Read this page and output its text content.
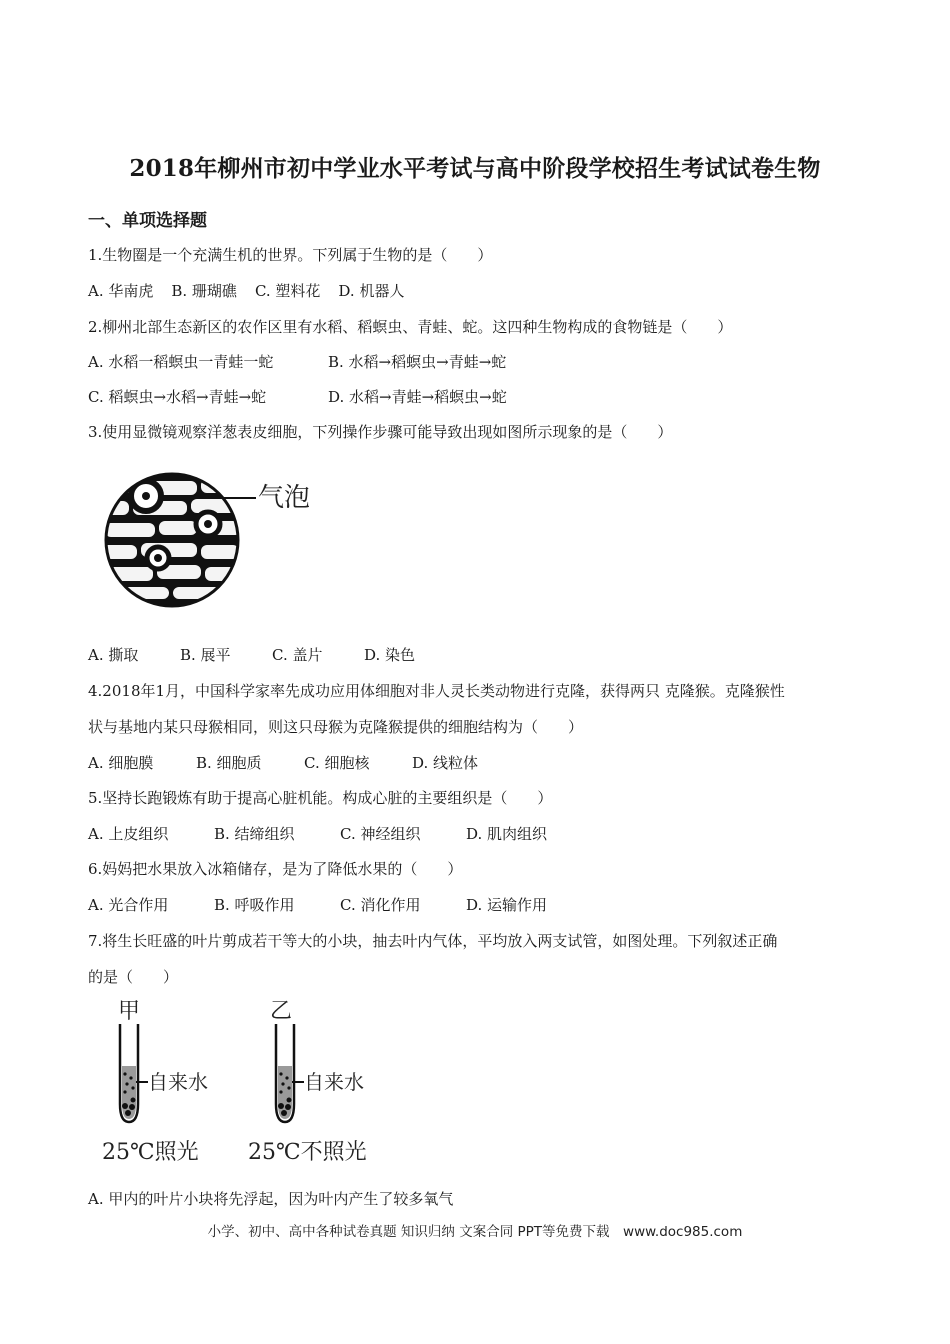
2018年柳州市初中学业水平考试与高中阶段学校招生考试试卷生物
一、单项选择题
1.生物圈是一个充满生机的世界。下列属于生物的是（　　）
A. 华南虎 B. 珊瑚礁 C. 塑料花 D. 机器人
2.柳州北部生态新区的农作区里有水稻、稻螟虫、青蛙、蛇。这四种生物构成的食物链是（　　）
A. 水稻一稻螟虫一青蛙一蛇	B. 水稻→稻螟虫→青蛙→蛇
C. 稻螟虫→水稻→青蛙→蛇	D. 水稻→青蛙→稻螟虫→蛇
3.使用显微镜观察洋葱表皮细胞，下列操作步骤可能导致出现如图所示现象的是（　　）
气泡
A. 撕取	B. 展平	C. 盖片	D. 染色
4.2018年1月，中国科学家率先成功应用体细胞对非人灵长类动物进行克隆，获得两只 克隆猴。克隆猴性
状与基地内某只母猴相同，则这只母猴为克隆猴提供的细胞结构为（　　）
A. 细胞膜	B. 细胞质	C. 细胞核	D. 线粒体
5.坚持长跑锻炼有助于提高心脏机能。构成心脏的主要组织是（　　）
A. 上皮组织	B. 结缔组织	C. 神经组织	D. 肌肉组织
6.妈妈把水果放入冰箱储存，是为了降低水果的（　　）
A. 光合作用	B. 呼吸作用	C. 消化作用	D. 运输作用
7.将生长旺盛的叶片剪成若干等大的小块，抽去叶内气体，平均放入两支试管，如图处理。下列叙述正确
的是（　　）
甲	乙
自来水	自来水
25℃照光 25℃不照光
A. 甲内的叶片小块将先浮起，因为叶内产生了较多氧气
小学、初中、高中各种试卷真题 知识归纳 文案合同 PPT等免费下载　www.doc985.com
